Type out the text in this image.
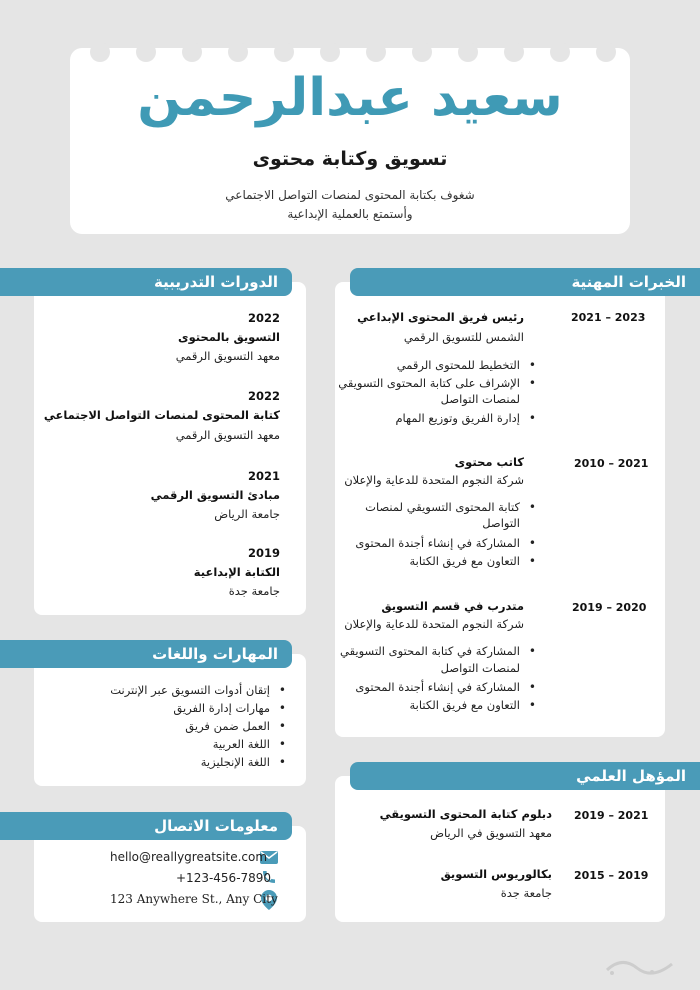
سعيد عبدالرحمن
تسويق وكتابة محتوى
شغوف بكتابة المحتوى لمنصات التواصل الاجتماعي
وأستمتع بالعملية الإبداعية
الخبرات المهنية
2021 – 2023
رئيس فريق المحتوى الإبداعي
الشمس للتسويق الرقمي
• التخطيط للمحتوى الرقمي
• الإشراف على كتابة المحتوى التسويقي
لمنصات التواصل
• إدارة الفريق وتوزيع المهام
2010 – 2021
كاتب محتوى
شركة النجوم المتحدة للدعاية والإعلان
• كتابة المحتوى التسويقي لمنصات
التواصل
• المشاركة في إنشاء أجندة المحتوى
• التعاون مع فريق الكتابة
2019 – 2020
متدرب في قسم التسويق
شركة النجوم المتحدة للدعاية والإعلان
• المشاركة في كتابة المحتوى التسويقي
لمنصات التواصل
• المشاركة في إنشاء أجندة المحتوى
• التعاون مع فريق الكتابة
الدورات التدريبية
2022
التسويق بالمحتوى
معهد التسويق الرقمي
2022
كتابة المحتوى لمنصات التواصل الاجتماعي
معهد التسويق الرقمي
2021
مبادئ التسويق الرقمي
جامعة الرياض
2019
الكتابة الإبداعية
جامعة جدة
المهارات واللغات
• إتقان أدوات التسويق عبر الإنترنت
• مهارات إدارة الفريق
• العمل ضمن فريق
• اللغة العربية
• اللغة الإنجليزية
المؤهل العلمي
2019 – 2021
دبلوم كتابة المحتوى التسويقي
معهد التسويق في الرياض
2015 – 2019
بكالوريوس التسويق
جامعة جدة
معلومات الاتصال
hello@reallygreatsite.com
+123-456-7890
123 Anywhere St., Any City
